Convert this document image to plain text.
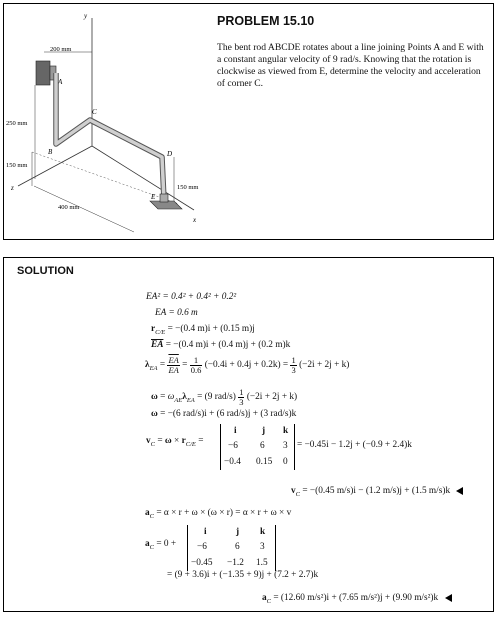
y
x
z
A
B
C
D
E
200 mm
250 mm
150 mm
150 mm
400 mm
PROBLEM 15.10
The bent rod ABCDE rotates about a line joining Points A and E with a constant angular velocity of 9 rad/s. Knowing that the rotation is clockwise as viewed from E, determine the velocity and acceleration of corner C.
SOLUTION
EA² = 0.4² + 0.4² + 0.2²
EA = 0.6 m
$r_{C/E} = -(0.4$ m)i + (0.15 m)j
$\overline{EA} = -(0.4$ m)i + (0.4 m)j + (0.2 m)k
$\lambda_{EA} = \frac{\overline{EA}}{EA} = \frac{1}{0.6} (-0.4i + 0.4j + 0.2k) = \frac{1}{3} (-2i + 2j + k)$
$\omega = \omega_{AE}\lambda_{EA} = (9$ $rad/s) \frac{1}{3} (-2i + 2j + k)$
ω = −(6 rad/s)i + (6 rad/s)j + (3 rad/s)k
$v_C = \omega \times r_{C/E}$ =
i	j k
−6 6 3
−0.4 0.15 0
= −0.45i − 1.2j + (−0.9 + 2.4)k
$v_C = -(0.45$ m/s)i − (1.2 m/s)j + (1.5 m/s)k
$a_C = \alpha \times r + \omega \times (\omega \times r) = \alpha \times r + \omega \times v$
$a_C = 0$ +
i	j k
−6	6 3
−0.45 −1.2 1.5
= (9 + 3.6)i + (−1.35 + 9)j + (7.2 + 2.7)k
$a_C = (12.60$ m/s²)i + (7.65 m/s²)j + (9.90 m/s²)k
